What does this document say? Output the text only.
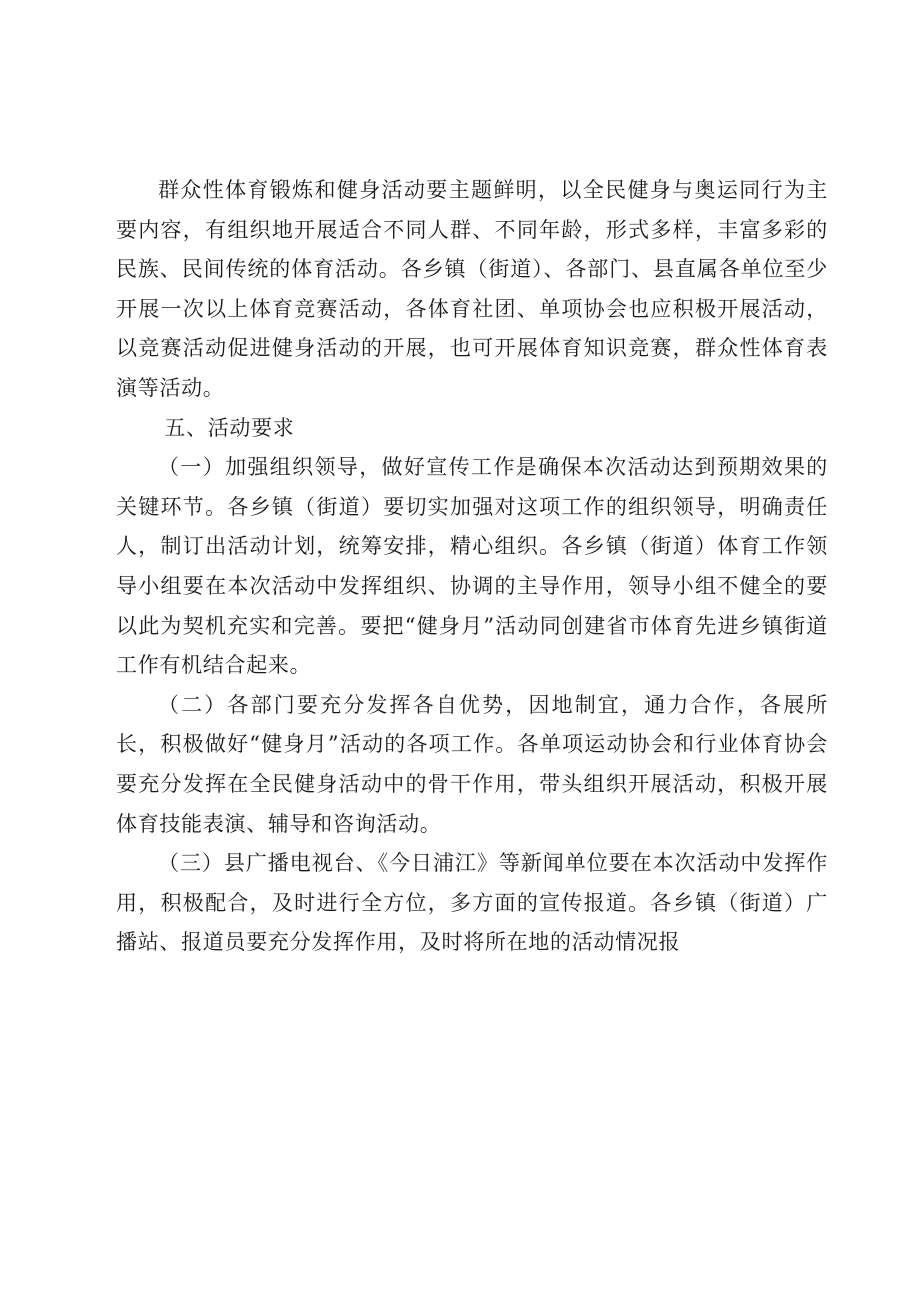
群众性体育锻炼和健身活动要主题鲜明，以全民健身与奥运同行为主要内容，有组织地开展适合不同人群、不同年龄，形式多样，丰富多彩的民族、民间传统的体育活动。各乡镇（街道）、各部门、县直属各单位至少开展一次以上体育竞赛活动，各体育社团、单项协会也应积极开展活动，以竞赛活动促进健身活动的开展，也可开展体育知识竞赛，群众性体育表演等活动。

五、活动要求

（一）加强组织领导，做好宣传工作是确保本次活动达到预期效果的关键环节。各乡镇（街道）要切实加强对这项工作的组织领导，明确责任人，制订出活动计划，统筹安排，精心组织。各乡镇（街道）体育工作领导小组要在本次活动中发挥组织、协调的主导作用，领导小组不健全的要以此为契机充实和完善。要把“健身月”活动同创建省市体育先进乡镇街道工作有机结合起来。

（二）各部门要充分发挥各自优势，因地制宜，通力合作，各展所长，积极做好“健身月”活动的各项工作。各单项运动协会和行业体育协会要充分发挥在全民健身活动中的骨干作用，带头组织开展活动，积极开展体育技能表演、辅导和咨询活动。

（三）县广播电视台、《今日浦江》等新闻单位要在本次活动中发挥作用，积极配合，及时进行全方位，多方面的宣传报道。各乡镇（街道）广播站、报道员要充分发挥作用，及时将所在地的活动情况报
